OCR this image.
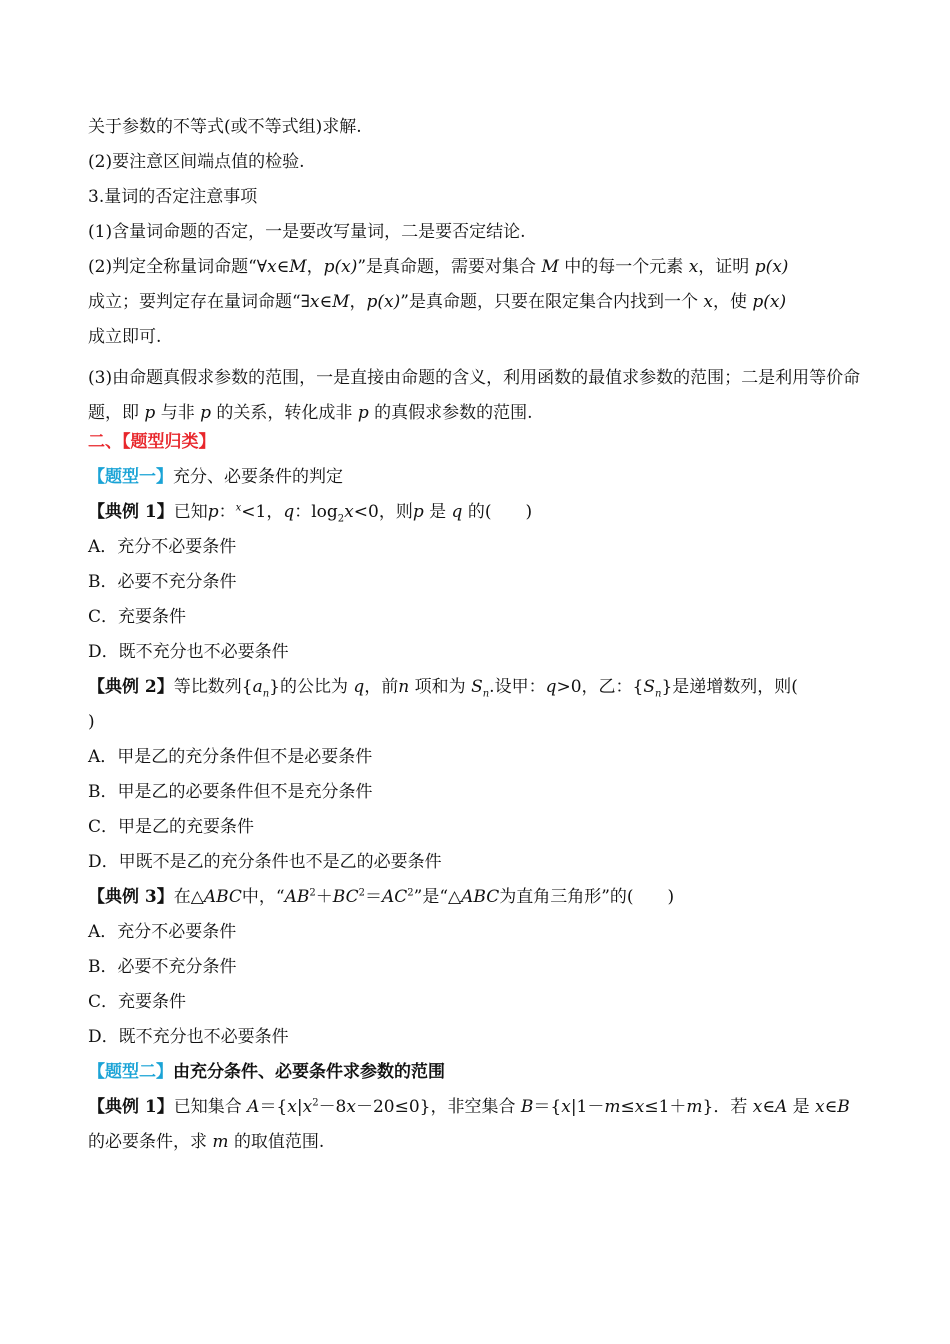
关于参数的不等式(或不等式组)求解.
(2)要注意区间端点值的检验.
3.量词的否定注意事项
(1)含量词命题的否定，一是要改写量词，二是要否定结论.
(2)判定全称量词命题“∀x∈M，p(x)”是真命题，需要对集合 M 中的每一个元素 x，证明 p(x)
成立；要判定存在量词命题“∃x∈M，p(x)”是真命题，只要在限定集合内找到一个 x，使 p(x)
成立即可.
(3)由命题真假求参数的范围，一是直接由命题的含义，利用函数的最值求参数的范围；二是利用等价命题，即 p 与非 p 的关系，转化成非 p 的真假求参数的范围.
二、【题型归类】
【题型一】充分、必要条件的判定
【典例 1】已知p：$^x$<1，q：$\log_2x<0$，则p 是 q 的( )
A．充分不必要条件
B．必要不充分条件
C．充要条件
D．既不充分也不必要条件
【典例 2】等比数列$\{a_n\}$的公比为 q，前n 项和为 $S_n$.设甲：q>0，乙：$\{S_n\}$是递增数列，则(
)
A．甲是乙的充分条件但不是必要条件
B．甲是乙的必要条件但不是充分条件
C．甲是乙的充要条件
D．甲既不是乙的充分条件也不是乙的必要条件
【典例 3】在△ABC中，“$AB^2+BC^2=AC^2$”是“△ABC为直角三角形”的( )
A．充分不必要条件
B．必要不充分条件
C．充要条件
D．既不充分也不必要条件
【题型二】由充分条件、必要条件求参数的范围
【典例 1】已知集合 $A=\{x|x^2-8x-20\le 0\}$，非空集合 B＝{x|1－m≤x≤1＋m}．若 x∈A 是 x∈B
的必要条件，求 m 的取值范围.
